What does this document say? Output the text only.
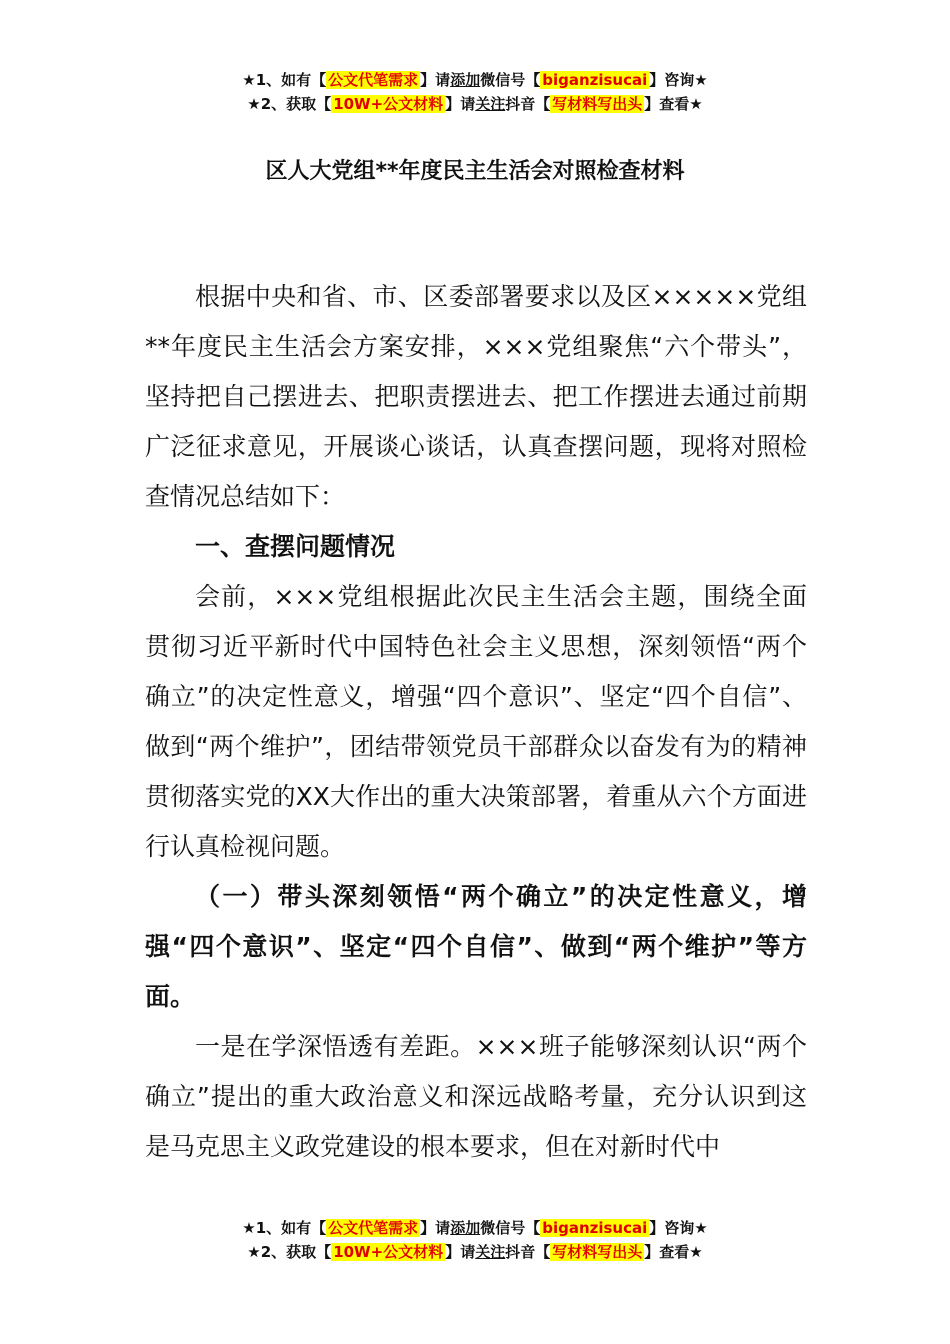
★1、如有【 公文代笔需求 】请添加微信号【 biganzisucai 】咨询★
★2、获取【 10W+公文材料 】请关注抖音【 写材料写出头 】查看★
区人大党组**年度民主生活会对照检查材料

根据中央和省、市、区委部署要求以及区×××××党组**年度民主生活会方案安排，×××党组聚焦“六个带头”，坚持把自己摆进去、把职责摆进去、把工作摆进去通过前期广泛征求意见，开展谈心谈话，认真查摆问题，现将对照检查情况总结如下：

一、查摆问题情况

会前，×××党组根据此次民主生活会主题，围绕全面贯彻习近平新时代中国特色社会主义思想，深刻领悟“两个确立”的决定性意义，增强“四个意识”、坚定“四个自信”、做到“两个维护”，团结带领党员干部群众以奋发有为的精神贯彻落实党的XX大作出的重大决策部署，着重从六个方面进行认真检视问题。

（一）带头深刻领悟“两个确立”的决定性意义，增强“四个意识”、坚定“四个自信”、做到“两个维护”等方面。

一是在学深悟透有差距。×××班子能够深刻认识“两个确立”提出的重大政治意义和深远战略考量，充分认识到这是马克思主义政党建设的根本要求，但在对新时代中

★1、如有【 公文代笔需求 】请添加微信号【 biganzisucai 】咨询★
★2、获取【 10W+公文材料 】请关注抖音【 写材料写出头 】查看★
